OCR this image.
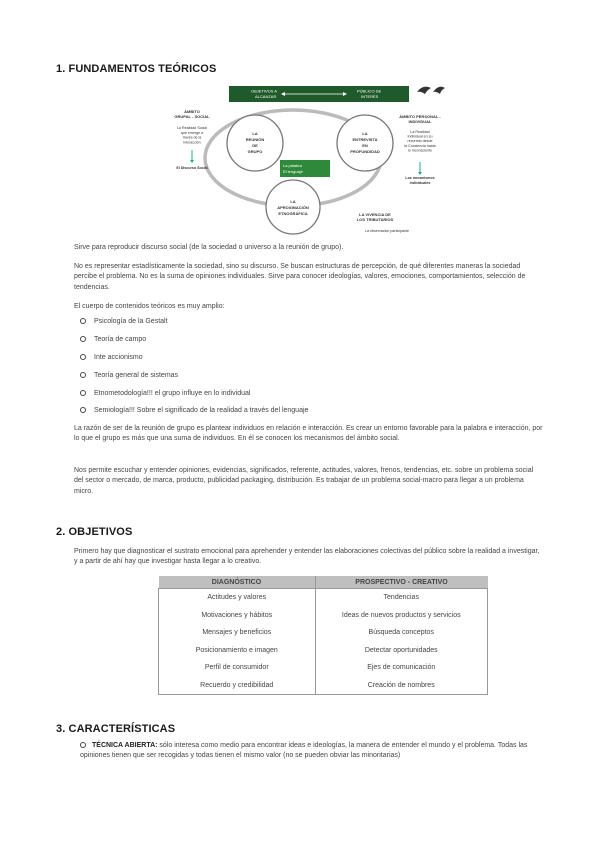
1. FUNDAMENTOS TEÓRICOS
OBJETIVOS A
ALCANZAR
PÚBLICO DE
INTERÉS
LA
REUNIÓN
DE
GRUPO
LA
ENTREVISTA
EN
PROFUNDIDAD
LA
APROXIMACIÓN
ETNOGRÁFICA
La palabra
El lenguaje
ÁMBITO
GRUPAL - SOCIAL
La Realidad Social
que emerge a
través de la
interacción
El Discurso Social
ÁMBITO PERSONAL -
INDIVIDUAL
La Realidad
Individual en su
recorrido desde
la Conciencia hasta
lo Inconsciente
Los mecanismos
individuales
LA VIVENCIA DE
LOS TRIBUTARIOS
La observación participante
Sirve para reproducir discurso social (de la sociedad o universo a la reunión de grupo).
No es representar estadísticamente la sociedad, sino su discurso. Se buscan estructuras de percepción, de qué diferentes maneras la sociedad percibe el problema. No es la suma de opiniones individuales. Sirve para conocer ideologías, valores, emociones, comportamientos, selección de tendencias.
El cuerpo de contenidos teóricos es muy amplio:
Psicología de la Gestalt
Teoría de campo
Inte accionismo
Teoría general de sistemas
Etnometodología!!! el grupo influye en lo individual
Semiología!!! Sobre el significado de la realidad a través del lenguaje
La razón de ser de la reunión de grupo es plantear individuos en relación e interacción. Es crear un entorno favorable para la palabra e interacción, por lo que el grupo es más que una suma de individuos. En él se conocen los mecanismos del ámbito social.
Nos permite escuchar y entender opiniones, evidencias, significados, referente, actitudes, valores, frenos, tendencias, etc. sobre un problema social del sector o mercado, de marca, producto, publicidad packaging, distribución. Es trabajar de un problema social-macro para llegar a un problema micro.
2. OBJETIVOS
Primero hay que diagnosticar el sustrato emocional para aprehender y entender las elaboraciones colectivas del público sobre la realidad a investigar, y a partir de ahí hay que investigar hasta llegar a lo creativo.
DIAGNÓSTICO	PROSPECTIVO - CREATIVO
Actitudes y valores	Tendencias
Motivaciones y hábitos	Ideas de nuevos productos y servicios
Mensajes y beneficios	Búsqueda conceptos
Posicionamiento e imagen	Detectar oportunidades
Perfil de consumidor	Ejes de comunicación
Recuerdo y credibilidad	Creación de nombres
3. CARACTERÍSTICAS
TÉCNICA ABIERTA: sólo interesa como medio para encontrar ideas e ideologías, la manera de entender el mundo y el problema. Todas las opiniones tienen que ser recogidas y todas tienen el mismo valor (no se pueden obviar las minoritarias)
